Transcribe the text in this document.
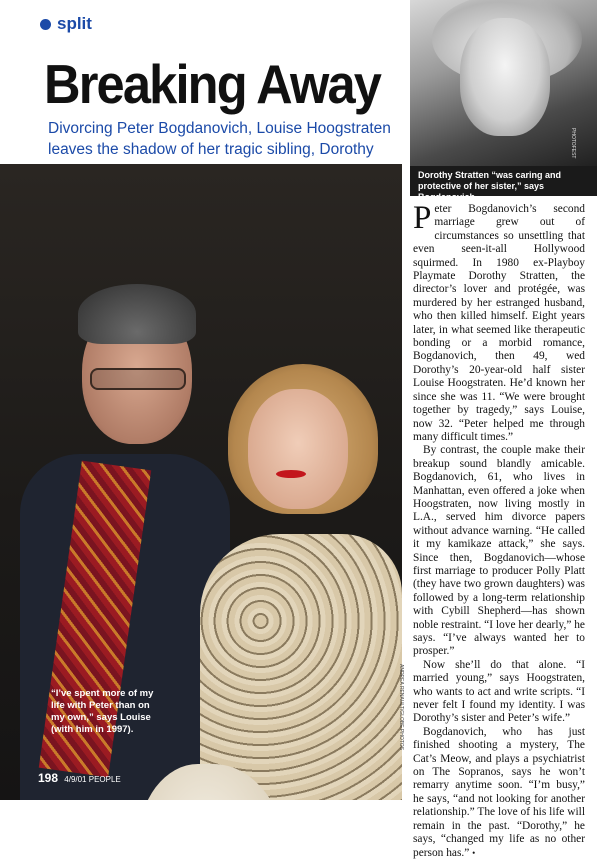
split
Breaking Away
Divorcing Peter Bogdanovich, Louise Hoogstraten leaves the shadow of her tragic sibling, Dorothy	PHOTOFEST
Dorothy Stratten “was caring and protective of her sister,” says Bogdanovich.
ANDREA RENAULT/GLOBE PHOTOS
“I’ve spent more of my life with Peter than on my own,” says Louise (with him in 1997).
198 4/9/01 PEOPLE

Peter Bogdanovich’s second marriage grew out of circumstances so unsettling that even seen-it-all Hollywood squirmed. In 1980 ex-Playboy Playmate Dorothy Stratten, the director’s lover and protégée, was murdered by her estranged husband, who then killed himself. Eight years later, in what seemed like therapeutic bonding or a morbid romance, Bogdanovich, then 49, wed Dorothy’s 20-year-old half sister Louise Hoogstraten. He’d known her since she was 11. “We were brought together by tragedy,” says Louise, now 32. “Peter helped me through many difficult times.”

By contrast, the couple make their breakup sound blandly amicable. Bogdanovich, 61, who lives in Manhattan, even offered a joke when Hoogstraten, now living mostly in L.A., served him divorce papers without advance warning. “He called it my kamikaze attack,” she says. Since then, Bogdanovich—whose first marriage to producer Polly Platt (they have two grown daughters) was followed by a long-term relationship with Cybill Shepherd—has shown noble restraint. “I love her dearly,” he says. “I’ve always wanted her to prosper.”

Now she’ll do that alone. “I married young,” says Hoogstraten, who wants to act and write scripts. “I never felt I found my identity. I was Dorothy’s sister and Peter’s wife.”

Bogdanovich, who has just finished shooting a mystery, The Cat’s Meow, and plays a psychiatrist on The Sopranos, says he won’t remarry anytime soon. “I’m busy,” he says, “and not looking for another relationship.” The love of his life will remain in the past. “Dorothy,” he says, “changed my life as no other person has.” •
